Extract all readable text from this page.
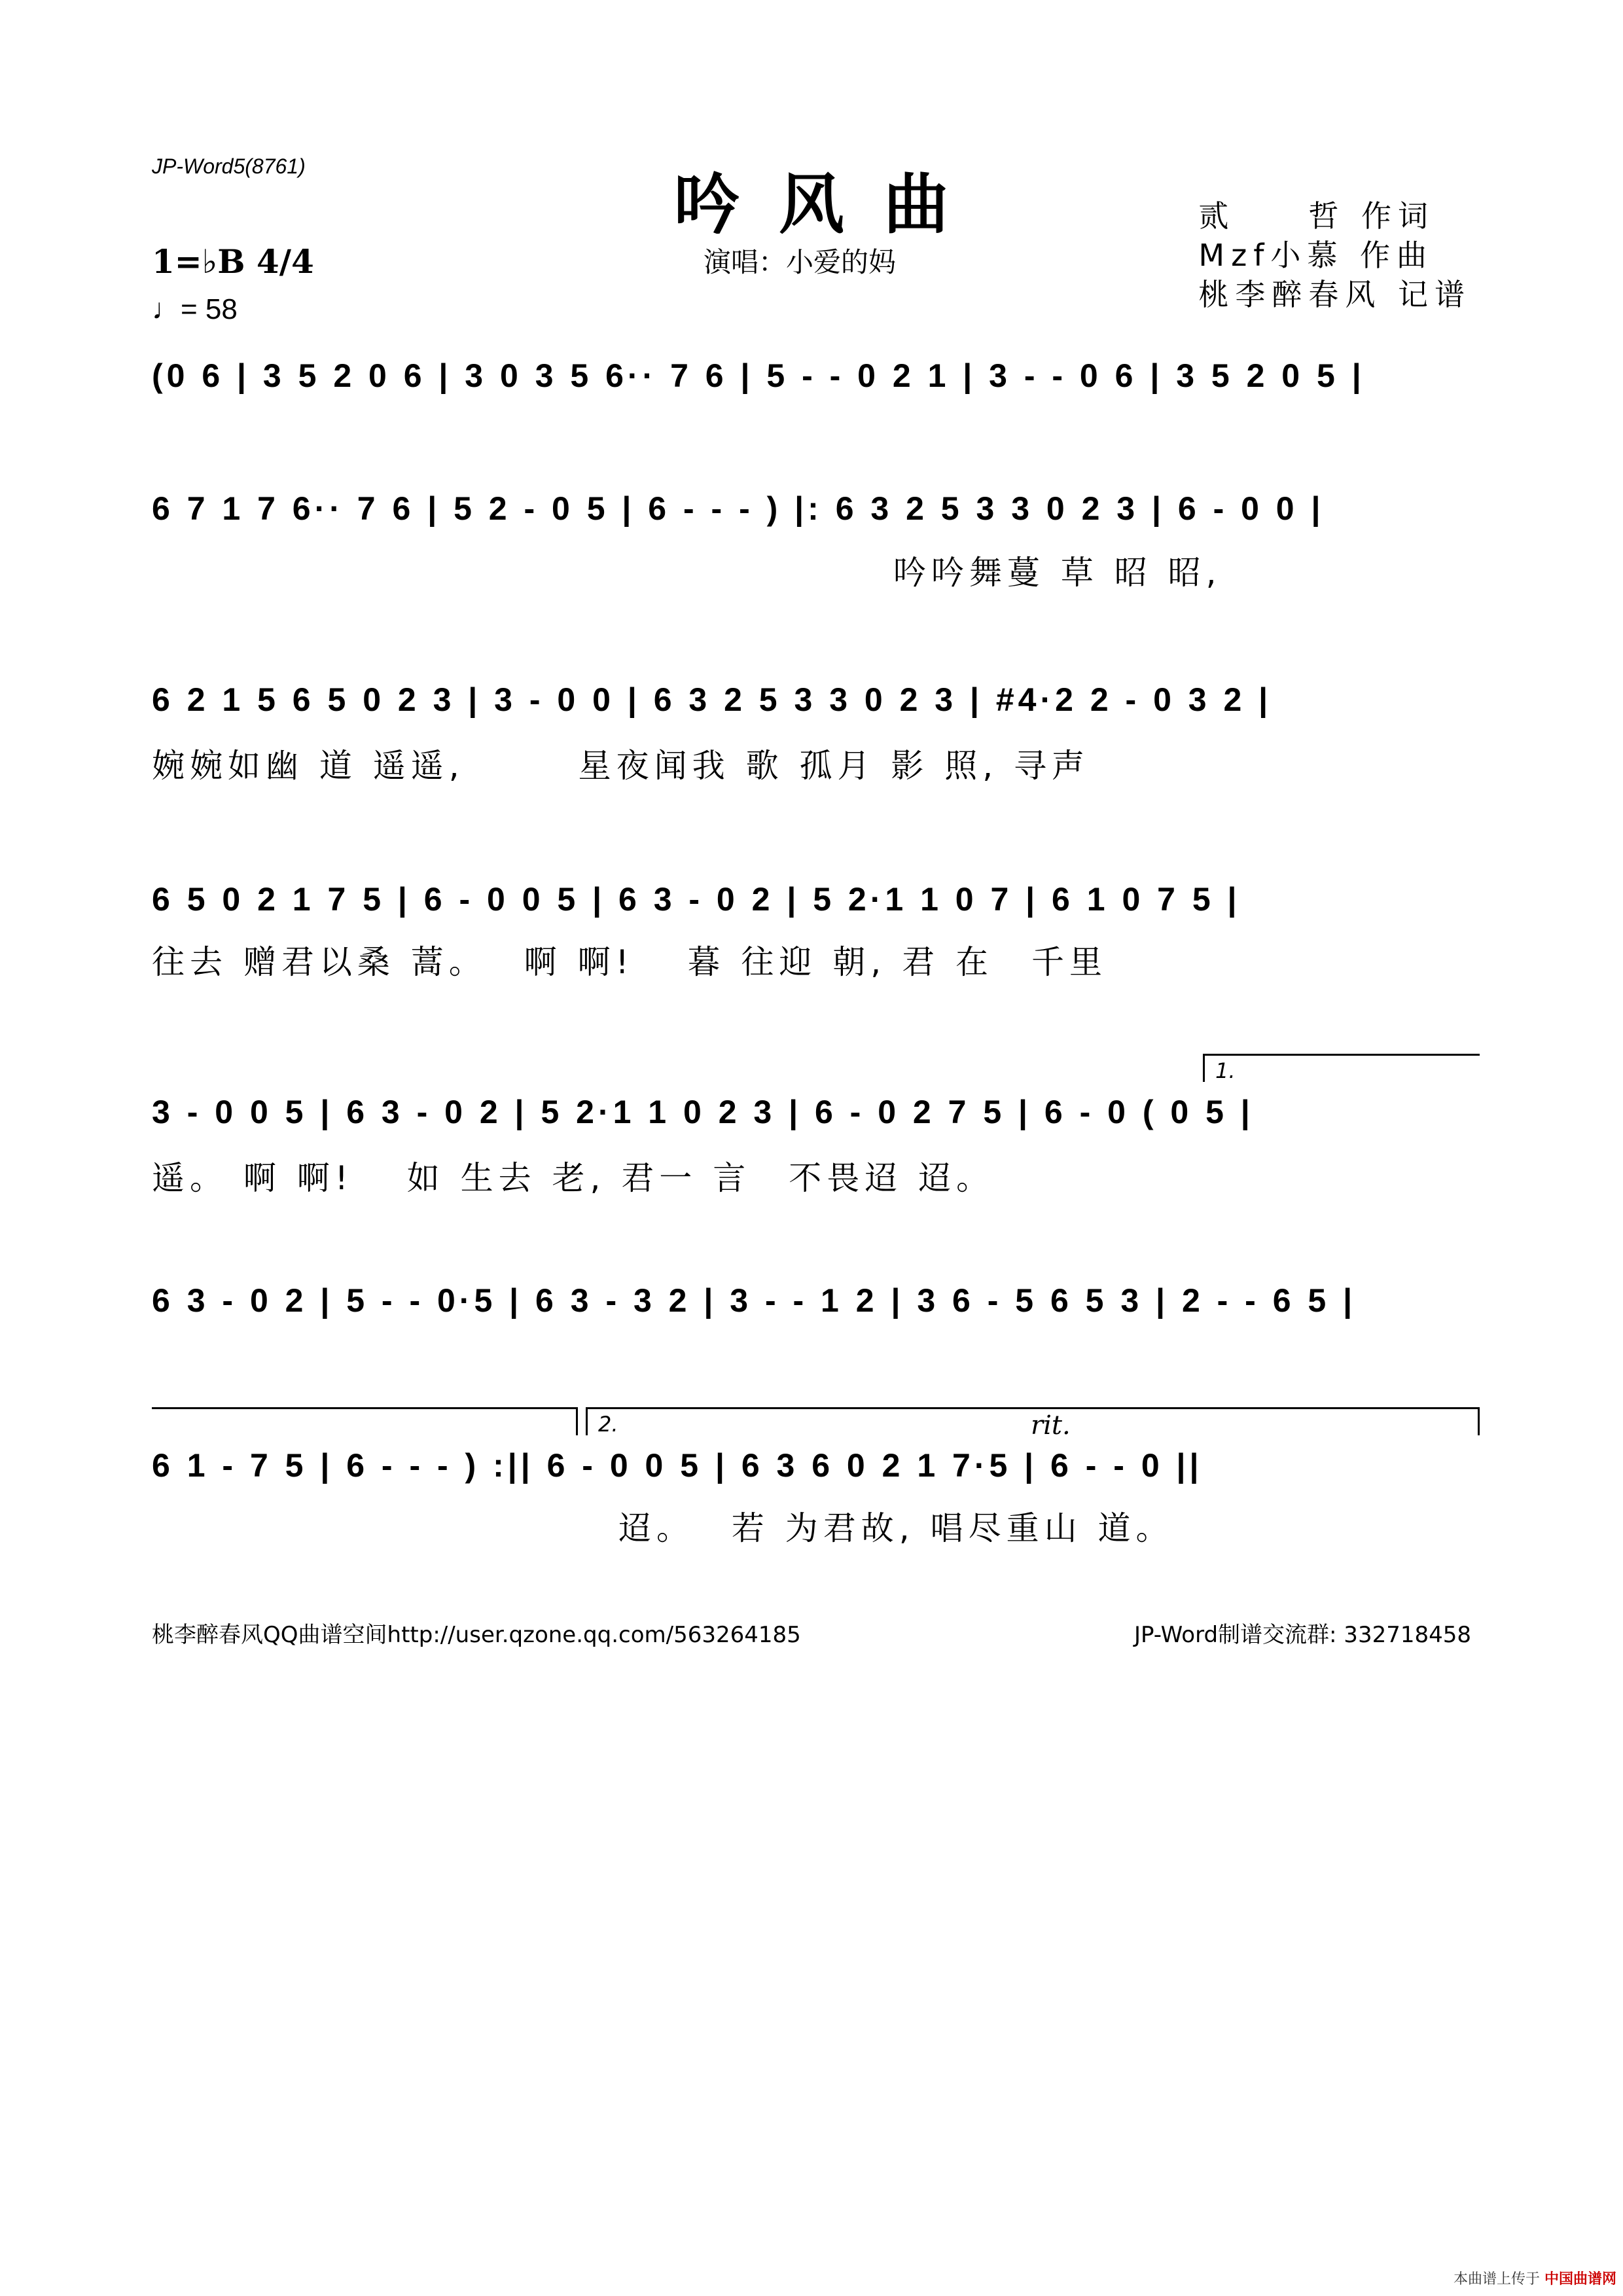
JP-Word5(8761)	吟风曲
演唱：小爱的妈
贰　　哲 作词
Mzf小慕 作曲
桃李醉春风 记谱
1=♭B 4/4
♩= 58
(0 6 | 3 5 2 0 6 | 3 0 3 5 6·· 7 6 | 5 - - 0 2 1 | 3 - - 0 6 | 3 5 2 0 5 |
6 7 1 7 6·· 7 6 | 5 2 - 0 5 | 6 - - - ) |: 6 3 2 5 3 3 0 2 3 | 6 - 0 0 |
吟吟舞蔓 草 昭 昭,
6 2 1 5 6 5 0 2 3 | 3 - 0 0 | 6 3 2 5 3 3 0 2 3 | #4·2 2 - 0 3 2 |
婉婉如幽 道 遥遥,　　　星夜闻我 歌 孤月 影 照, 寻声
6 5 0 2 1 7 5 | 6 - 0 0 5 | 6 3 - 0 2 | 5 2·1 1 0 7 | 6 1 0 7 5 |
往去 赠君以桑 蒿。　 啊 啊!　 暮 往迎 朝, 君 在　千里
1.
3 - 0 0 5 | 6 3 - 0 2 | 5 2·1 1 0 2 3 | 6 - 0 2 7 5 | 6 - 0 ( 0 5 |
遥。 啊 啊!　 如 生去 老, 君一 言　不畏迢 迢。
6 3 - 0 2 | 5 - - 0·5 | 6 3 - 3 2 | 3 - - 1 2 | 3 6 - 5 6 5 3 | 2 - - 6 5 |
2.	rit.
6 1 - 7 5 | 6 - - - ) :|| 6 - 0 0 5 | 6 3 6 0 2 1 7·5 | 6 - - 0 ||
迢。　 若 为君故, 唱尽重山 道。
桃李醉春风QQ曲谱空间http://user.qzone.qq.com/563264185	JP-Word制谱交流群: 332718458
本曲谱上传于 中国曲谱网
